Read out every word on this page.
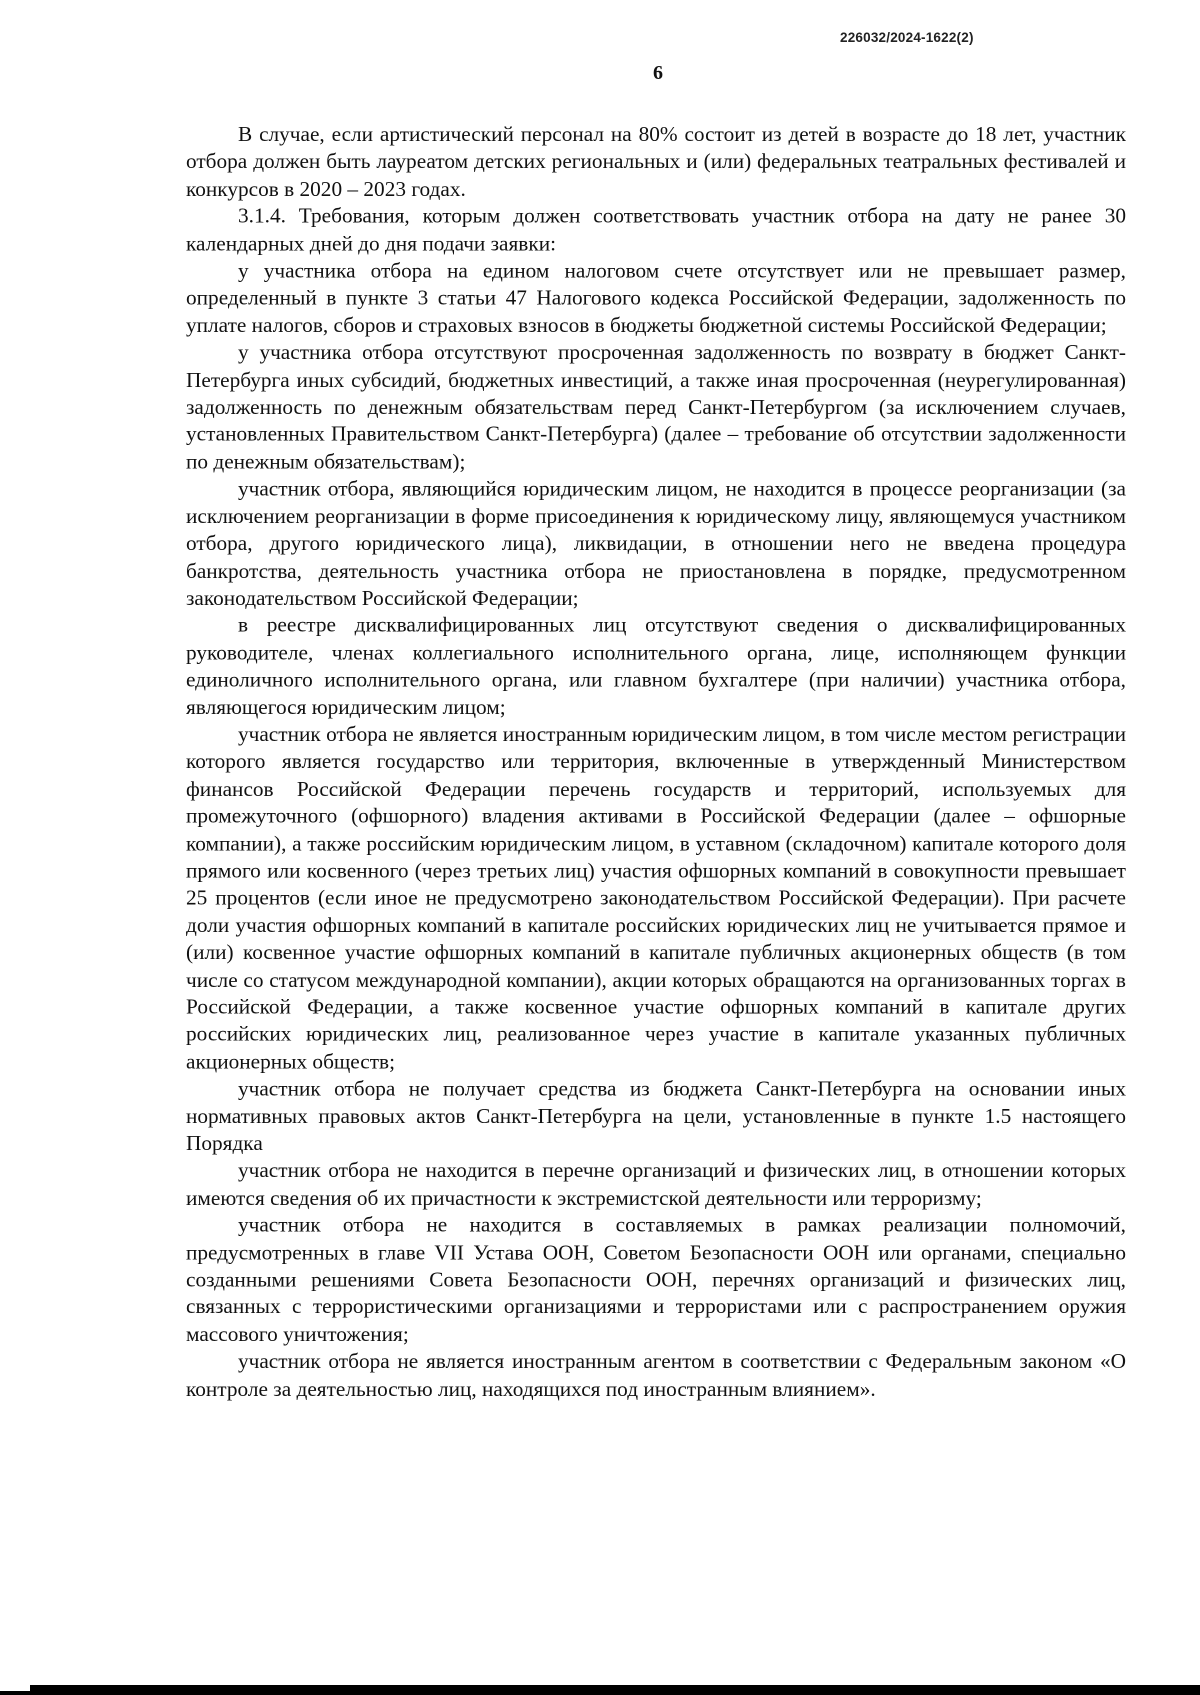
226032/2024-1622(2)
6

В случае, если артистический персонал на 80% состоит из детей в возрасте до 18 лет, участник отбора должен быть лауреатом детских региональных и (или) федеральных театральных фестивалей и конкурсов в 2020 – 2023 годах.

3.1.4. Требования, которым должен соответствовать участник отбора на дату не ранее 30 календарных дней до дня подачи заявки:

у участника отбора на едином налоговом счете отсутствует или не превышает размер, определенный в пункте 3 статьи 47 Налогового кодекса Российской Федерации, задолженность по уплате налогов, сборов и страховых взносов в бюджеты бюджетной системы Российской Федерации;

у участника отбора отсутствуют просроченная задолженность по возврату в бюджет Санкт-Петербурга иных субсидий, бюджетных инвестиций, а также иная просроченная (неурегулированная) задолженность по денежным обязательствам перед Санкт-Петербургом (за исключением случаев, установленных Правительством Санкт-Петербурга) (далее – требование об отсутствии задолженности по денежным обязательствам);

участник отбора, являющийся юридическим лицом, не находится в процессе реорганизации (за исключением реорганизации в форме присоединения к юридическому лицу, являющемуся участником отбора, другого юридического лица), ликвидации, в отношении него не введена процедура банкротства, деятельность участника отбора не приостановлена в порядке, предусмотренном законодательством Российской Федерации;

в реестре дисквалифицированных лиц отсутствуют сведения о дисквалифицированных руководителе, членах коллегиального исполнительного органа, лице, исполняющем функции единоличного исполнительного органа, или главном бухгалтере (при наличии) участника отбора, являющегося юридическим лицом;

участник отбора не является иностранным юридическим лицом, в том числе местом регистрации которого является государство или территория, включенные в утвержденный Министерством финансов Российской Федерации перечень государств и территорий, используемых для промежуточного (офшорного) владения активами в Российской Федерации (далее – офшорные компании), а также российским юридическим лицом, в уставном (складочном) капитале которого доля прямого или косвенного (через третьих лиц) участия офшорных компаний в совокупности превышает 25 процентов (если иное не предусмотрено законодательством Российской Федерации). При расчете доли участия офшорных компаний в капитале российских юридических лиц не учитывается прямое и (или) косвенное участие офшорных компаний в капитале публичных акционерных обществ (в том числе со статусом международной компании), акции которых обращаются на организованных торгах в Российской Федерации, а также косвенное участие офшорных компаний в капитале других российских юридических лиц, реализованное через участие в капитале указанных публичных акционерных обществ;

участник отбора не получает средства из бюджета Санкт-Петербурга на основании иных нормативных правовых актов Санкт-Петербурга на цели, установленные в пункте 1.5 настоящего Порядка

участник отбора не находится в перечне организаций и физических лиц, в отношении которых имеются сведения об их причастности к экстремистской деятельности или терроризму;

участник отбора не находится в составляемых в рамках реализации полномочий, предусмотренных в главе VII Устава ООН, Советом Безопасности ООН или органами, специально созданными решениями Совета Безопасности ООН, перечнях организаций и физических лиц, связанных с террористическими организациями и террористами или с распространением оружия массового уничтожения;

участник отбора не является иностранным агентом в соответствии с Федеральным законом «О контроле за деятельностью лиц, находящихся под иностранным влиянием».
